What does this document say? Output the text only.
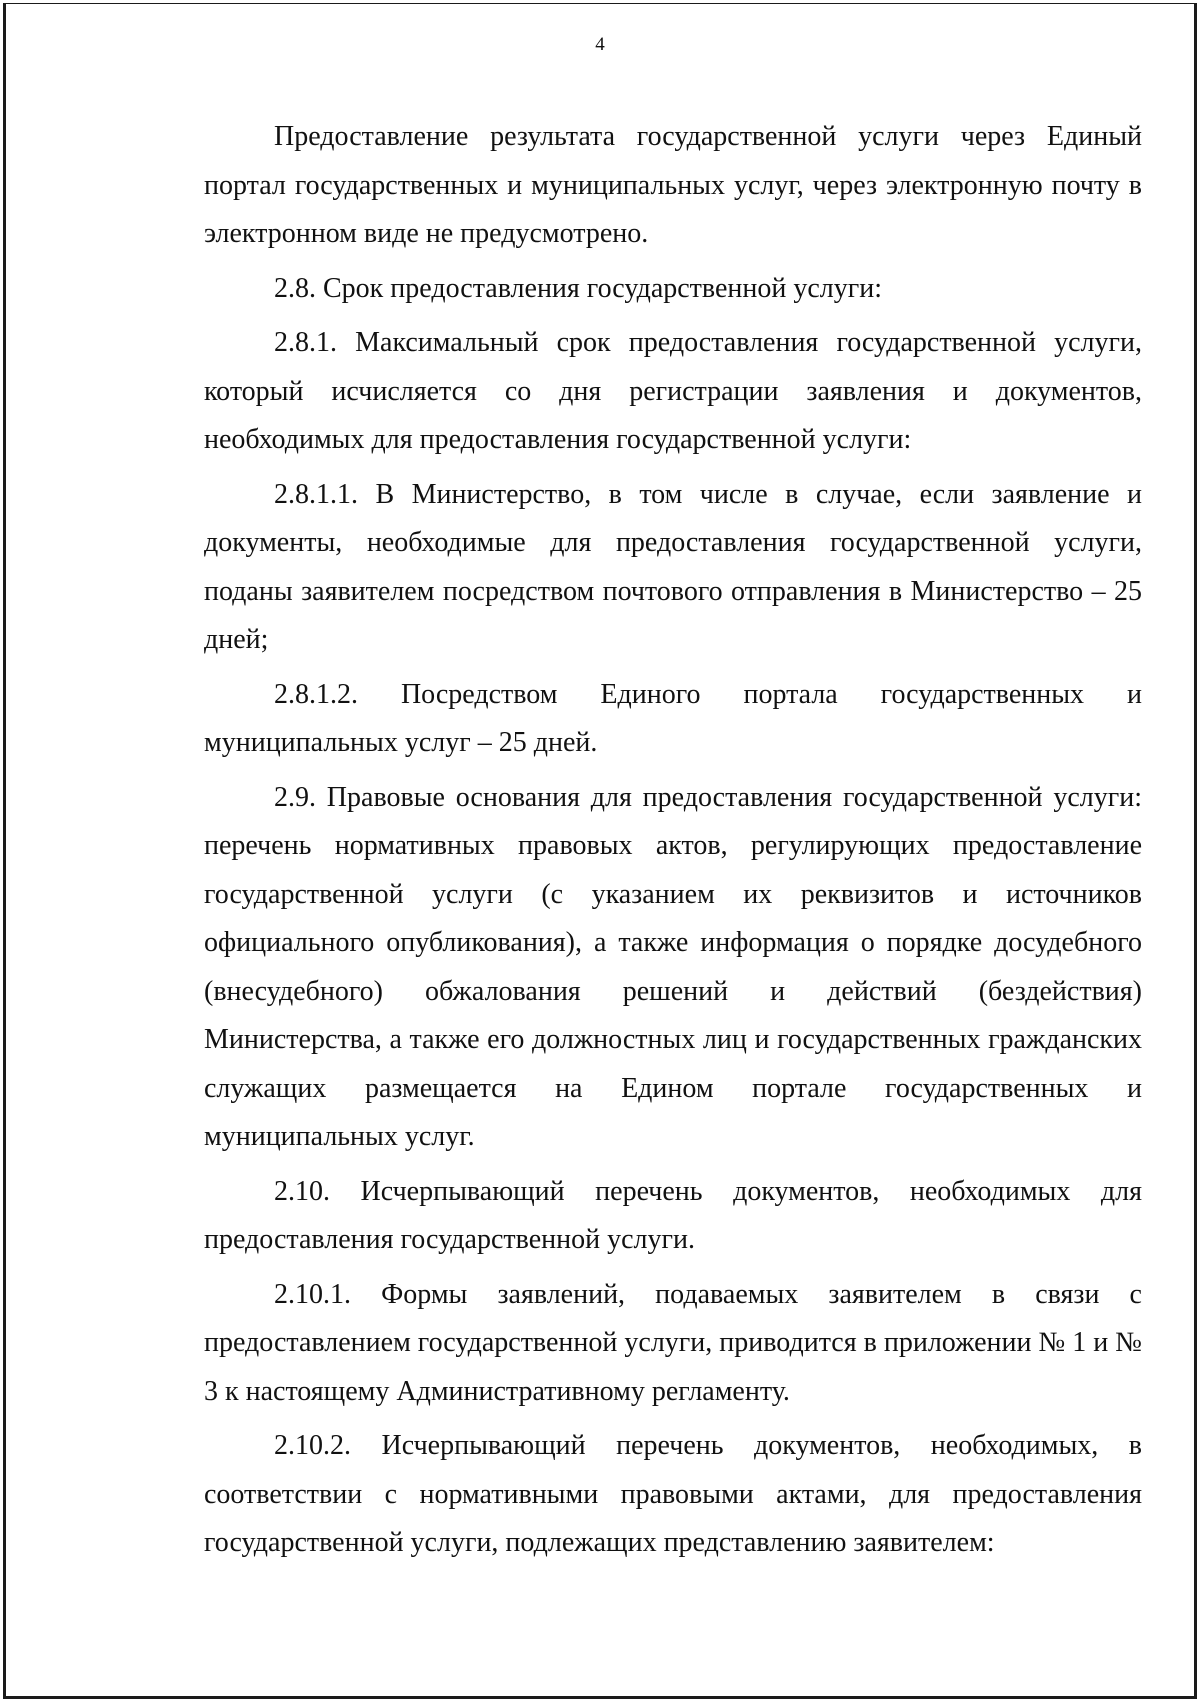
4

Предоставление результата государственной услуги через Единый портал государственных и муниципальных услуг, через электронную почту в электронном виде не предусмотрено.

2.8. Срок предоставления государственной услуги:

2.8.1. Максимальный срок предоставления государственной услуги, который исчисляется со дня регистрации заявления и документов, необходимых для предоставления государственной услуги:

2.8.1.1. В Министерство, в том числе в случае, если заявление и документы, необходимые для предоставления государственной услуги, поданы заявителем посредством почтового отправления в Министерство – 25 дней;

2.8.1.2. Посредством Единого портала государственных и муниципальных услуг – 25 дней.

2.9. Правовые основания для предоставления государственной услуги: перечень нормативных правовых актов, регулирующих предоставление государственной услуги (с указанием их реквизитов и источников официального опубликования), а также информация о порядке досудебного (внесудебного) обжалования решений и действий (бездействия) Министерства, а также его должностных лиц и государственных гражданских служащих размещается на Едином портале государственных и муниципальных услуг.

2.10. Исчерпывающий перечень документов, необходимых для предоставления государственной услуги.

2.10.1. Формы заявлений, подаваемых заявителем в связи с предоставлением государственной услуги, приводится в приложении № 1 и № 3 к настоящему Административному регламенту.

2.10.2. Исчерпывающий перечень документов, необходимых, в соответствии с нормативными правовыми актами, для предоставления государственной услуги, подлежащих представлению заявителем:
